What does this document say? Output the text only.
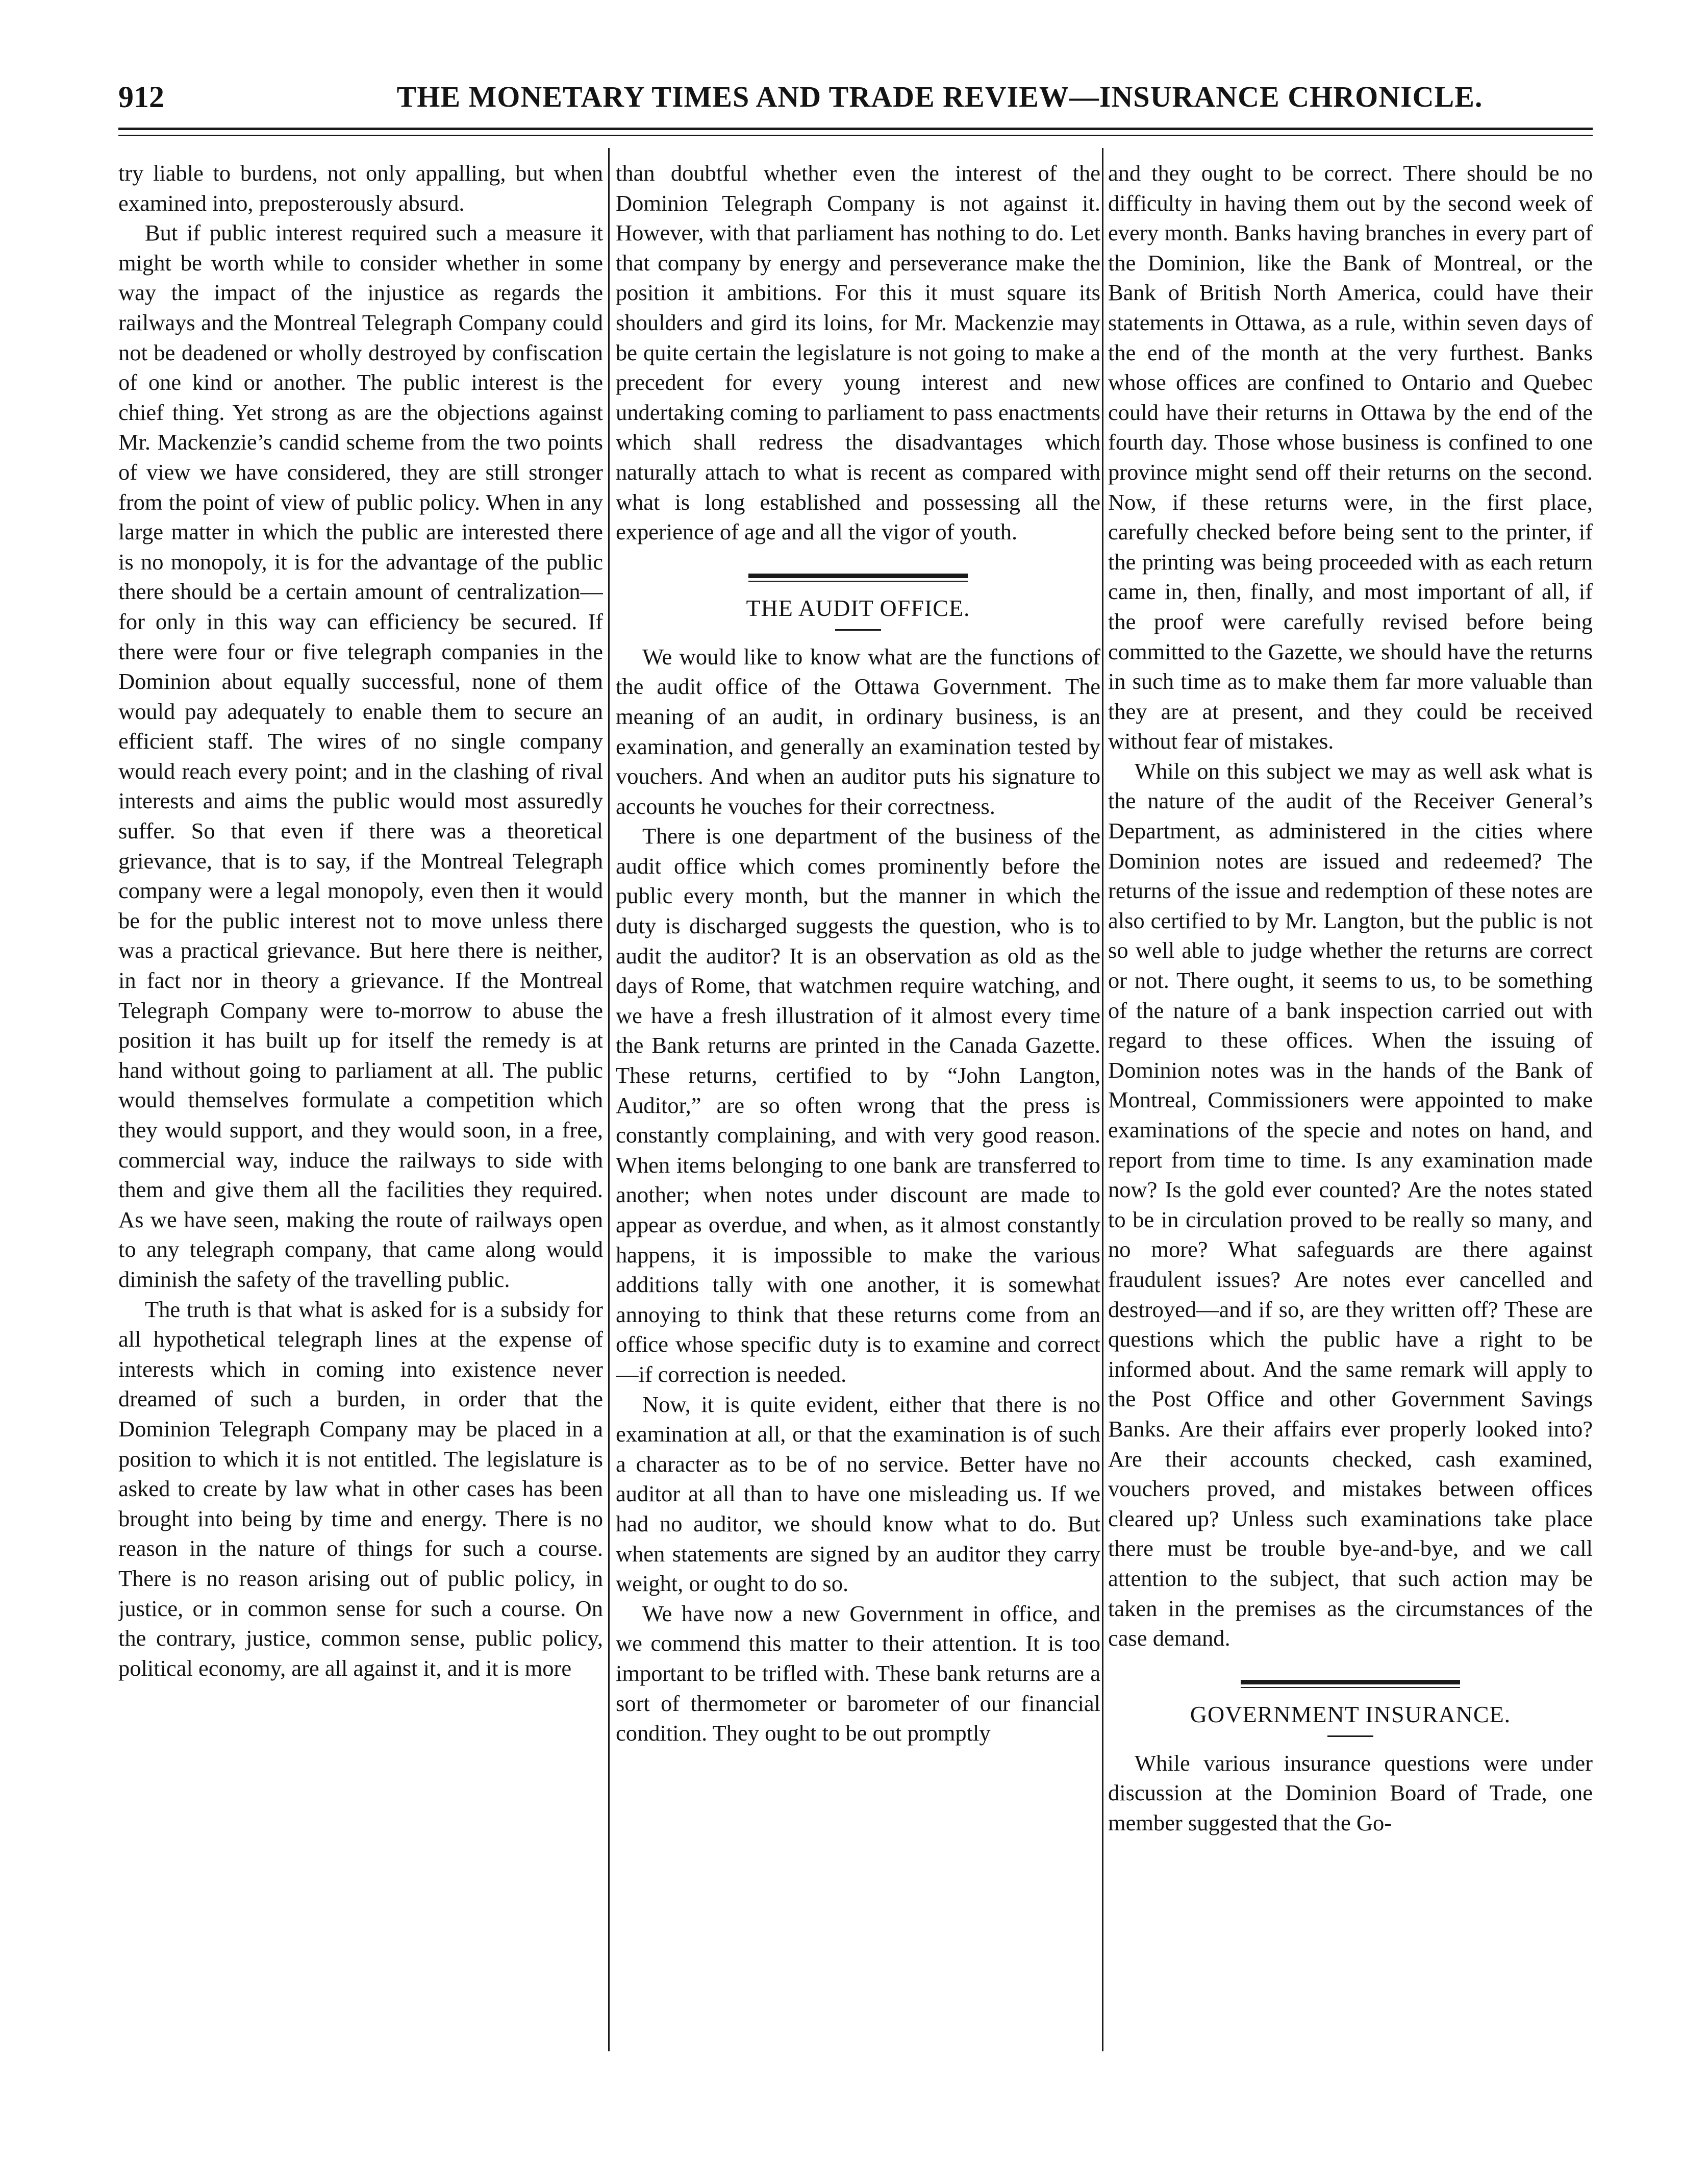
912	THE MONETARY TIMES AND TRADE REVIEW—INSURANCE CHRONICLE.

try liable to burdens, not only appalling, but when examined into, preposterously absurd.

But if public interest required such a measure it might be worth while to consider whether in some way the impact of the injustice as regards the railways and the Montreal Telegraph Company could not be deadened or wholly destroyed by confiscation of one kind or another. The public interest is the chief thing. Yet strong as are the objections against Mr. Mackenzie’s candid scheme from the two points of view we have considered, they are still stronger from the point of view of public policy. When in any large matter in which the public are interested there is no monopoly, it is for the advantage of the public there should be a certain amount of centralization—for only in this way can efficiency be secured. If there were four or five telegraph companies in the Dominion about equally successful, none of them would pay adequately to enable them to secure an efficient staff. The wires of no single company would reach every point; and in the clashing of rival interests and aims the public would most assuredly suffer. So that even if there was a theoretical grievance, that is to say, if the Montreal Telegraph company were a legal monopoly, even then it would be for the public interest not to move unless there was a practical grievance. But here there is neither, in fact nor in theory a grievance. If the Montreal Telegraph Company were to-morrow to abuse the position it has built up for itself the remedy is at hand without going to parliament at all. The public would themselves formulate a competition which they would support, and they would soon, in a free, commercial way, induce the railways to side with them and give them all the facilities they required. As we have seen, making the route of railways open to any telegraph company, that came along would diminish the safety of the travelling public.

The truth is that what is asked for is a subsidy for all hypothetical telegraph lines at the expense of interests which in coming into existence never dreamed of such a burden, in order that the Dominion Telegraph Company may be placed in a position to which it is not entitled. The legislature is asked to create by law what in other cases has been brought into being by time and energy. There is no reason in the nature of things for such a course. There is no reason arising out of public policy, in justice, or in common sense for such a course. On the contrary, justice, common sense, public policy, political economy, are all against it, and it is more

than doubtful whether even the interest of the Dominion Telegraph Company is not against it. However, with that parliament has nothing to do. Let that company by energy and perseverance make the position it ambitions. For this it must square its shoulders and gird its loins, for Mr. Mackenzie may be quite certain the legislature is not going to make a precedent for every young interest and new undertaking coming to parliament to pass enactments which shall redress the disadvantages which naturally attach to what is recent as compared with what is long established and possessing all the experience of age and all the vigor of youth.

THE AUDIT OFFICE.

We would like to know what are the functions of the audit office of the Ottawa Government. The meaning of an audit, in ordinary business, is an examination, and generally an examination tested by vouchers. And when an auditor puts his signature to accounts he vouches for their correctness.

There is one department of the business of the audit office which comes prominently before the public every month, but the manner in which the duty is discharged suggests the question, who is to audit the auditor? It is an observation as old as the days of Rome, that watchmen require watching, and we have a fresh illustration of it almost every time the Bank returns are printed in the Canada Gazette. These returns, certified to by “John Langton, Auditor,” are so often wrong that the press is constantly complaining, and with very good reason. When items belonging to one bank are transferred to another; when notes under discount are made to appear as overdue, and when, as it almost constantly happens, it is impossible to make the various additions tally with one another, it is somewhat annoying to think that these returns come from an office whose specific duty is to examine and correct—if correction is needed.

Now, it is quite evident, either that there is no examination at all, or that the examination is of such a character as to be of no service. Better have no auditor at all than to have one misleading us. If we had no auditor, we should know what to do. But when statements are signed by an auditor they carry weight, or ought to do so.

We have now a new Government in office, and we commend this matter to their attention. It is too important to be trifled with. These bank returns are a sort of thermometer or barometer of our financial condition. They ought to be out promptly

and they ought to be correct. There should be no difficulty in having them out by the second week of every month. Banks having branches in every part of the Dominion, like the Bank of Montreal, or the Bank of British North America, could have their statements in Ottawa, as a rule, within seven days of the end of the month at the very furthest. Banks whose offices are confined to Ontario and Quebec could have their returns in Ottawa by the end of the fourth day. Those whose business is confined to one province might send off their returns on the second. Now, if these returns were, in the first place, carefully checked before being sent to the printer, if the printing was being proceeded with as each return came in, then, finally, and most important of all, if the proof were carefully revised before being committed to the Gazette, we should have the returns in such time as to make them far more valuable than they are at present, and they could be received without fear of mistakes.

While on this subject we may as well ask what is the nature of the audit of the Receiver General’s Department, as administered in the cities where Dominion notes are issued and redeemed? The returns of the issue and redemption of these notes are also certified to by Mr. Langton, but the public is not so well able to judge whether the returns are correct or not. There ought, it seems to us, to be something of the nature of a bank inspection carried out with regard to these offices. When the issuing of Dominion notes was in the hands of the Bank of Montreal, Commissioners were appointed to make examinations of the specie and notes on hand, and report from time to time. Is any examination made now? Is the gold ever counted? Are the notes stated to be in circulation proved to be really so many, and no more? What safeguards are there against fraudulent issues? Are notes ever cancelled and destroyed—and if so, are they written off? These are questions which the public have a right to be informed about. And the same remark will apply to the Post Office and other Government Savings Banks. Are their affairs ever properly looked into? Are their accounts checked, cash examined, vouchers proved, and mistakes between offices cleared up? Unless such examinations take place there must be trouble bye-and-bye, and we call attention to the subject, that such action may be taken in the premises as the circumstances of the case demand.

GOVERNMENT INSURANCE.

While various insurance questions were under discussion at the Dominion Board of Trade, one member suggested that the Go-
